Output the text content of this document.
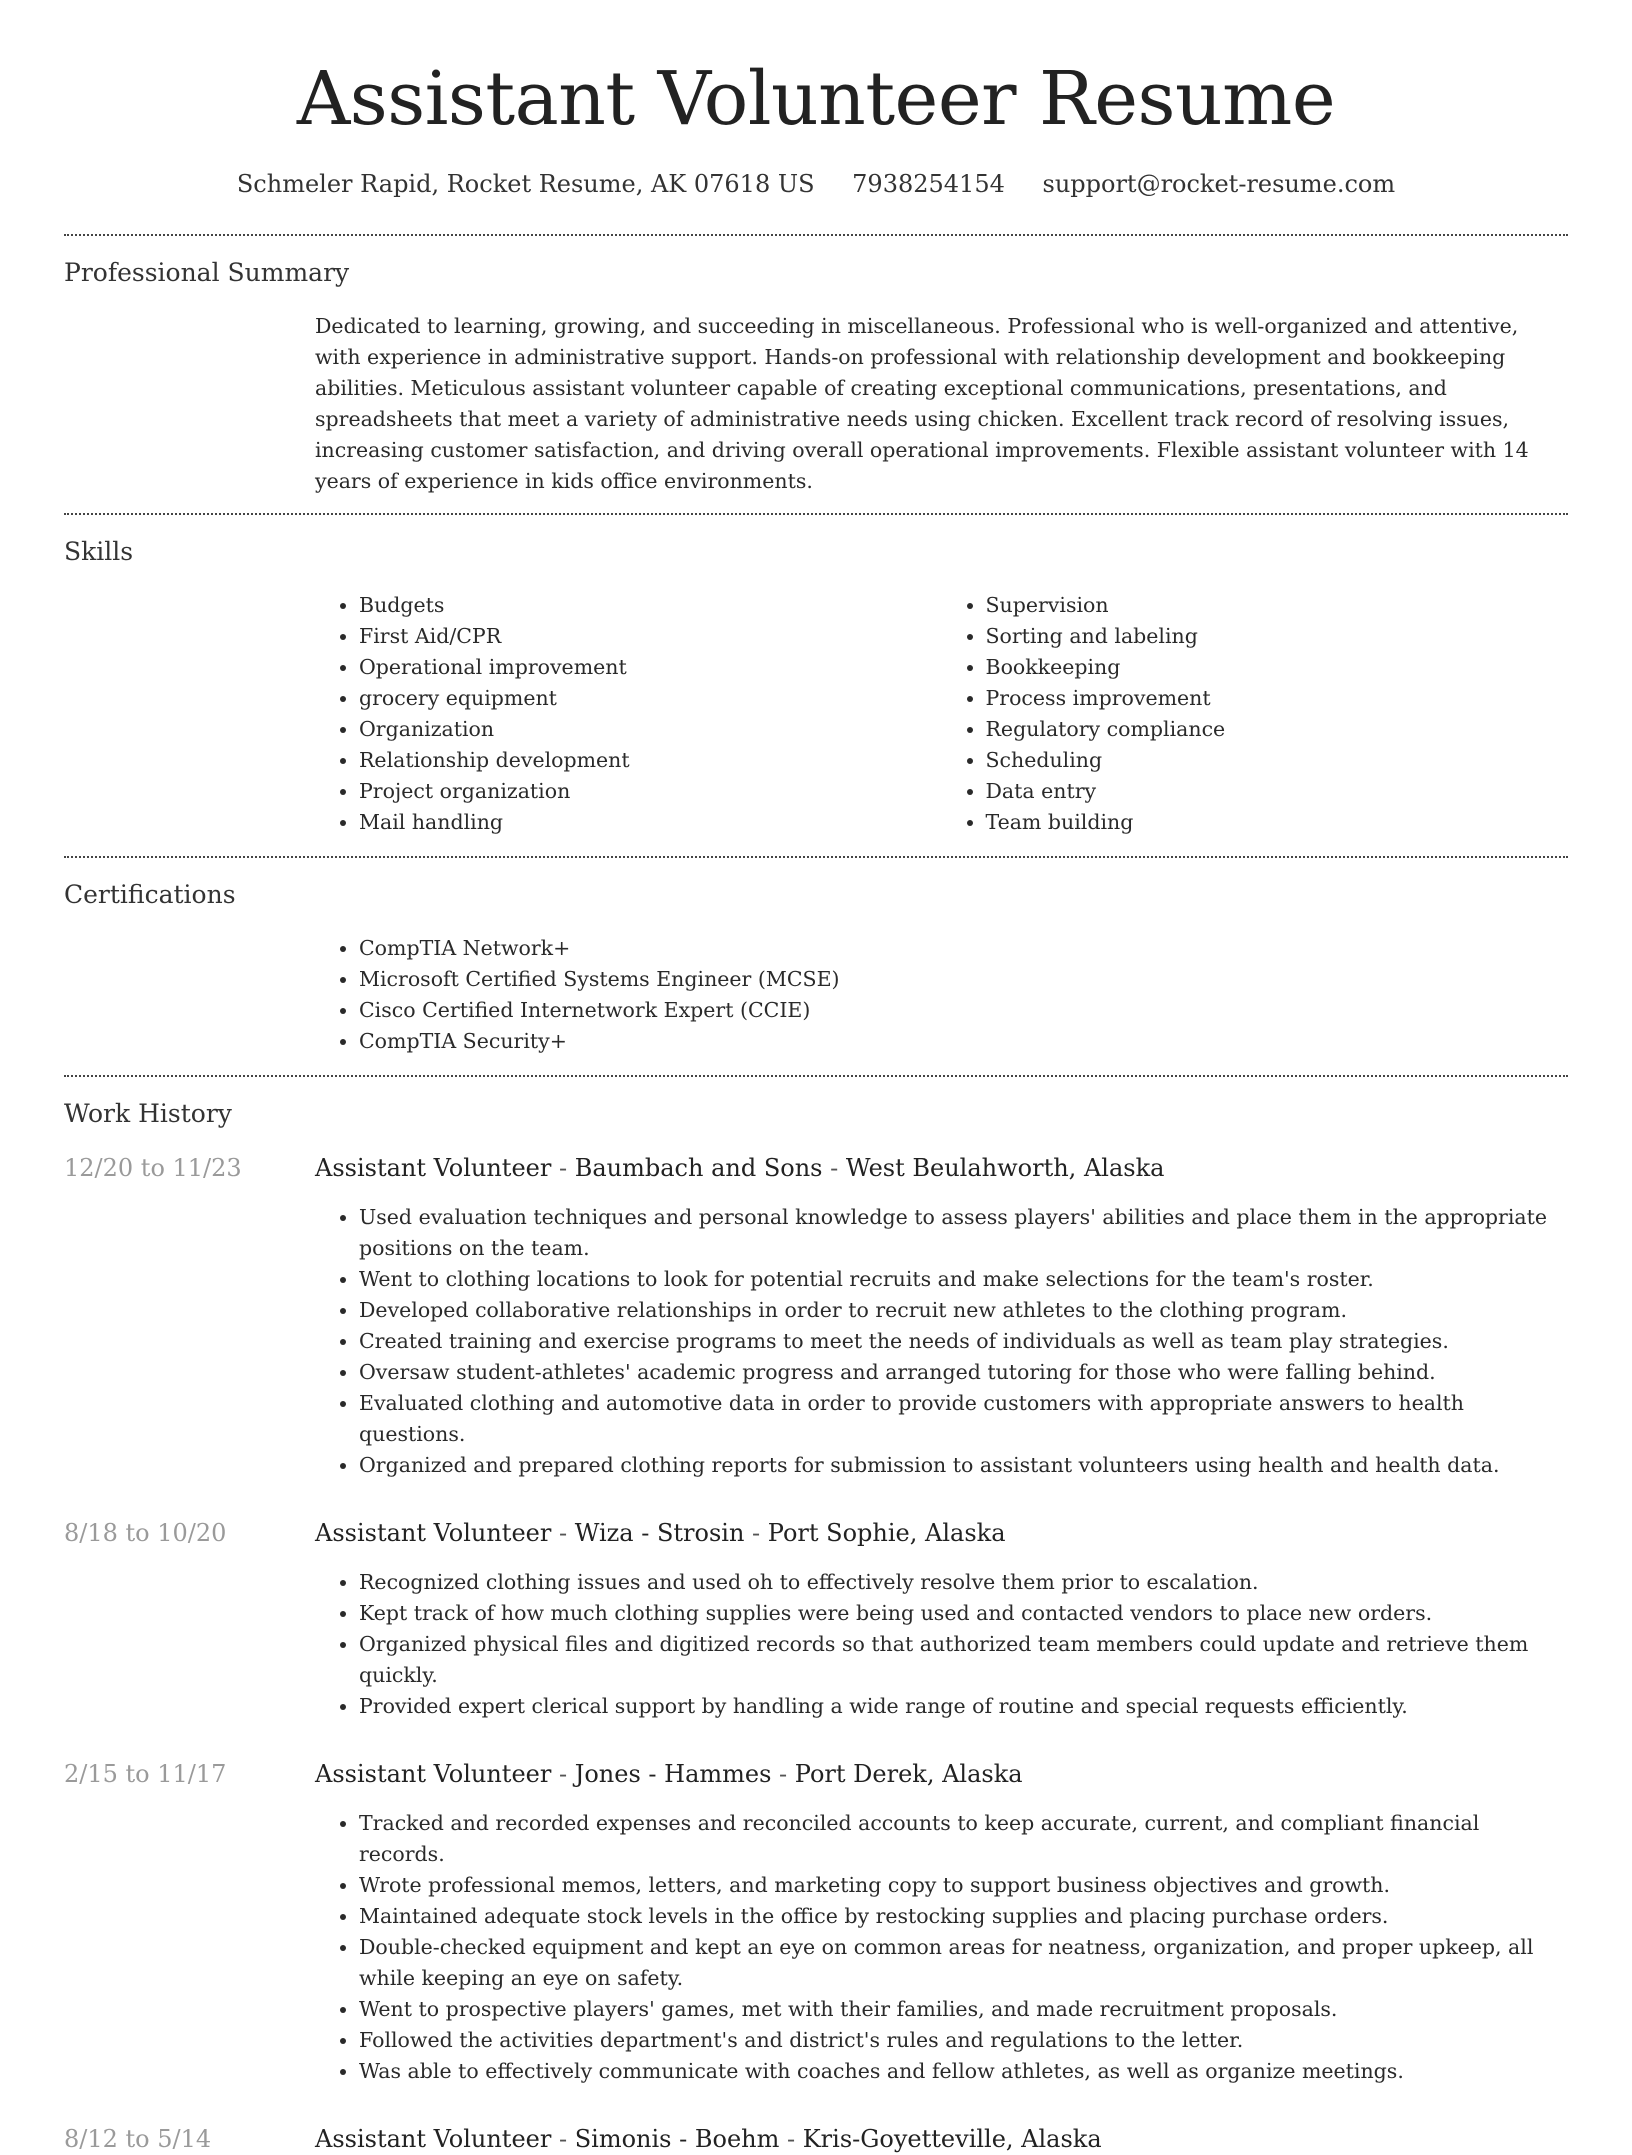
Assistant Volunteer Resume
Schmeler Rapid, Rocket Resume, AK 07618 US 7938254154 support@rocket-resume.com
Professional Summary
Dedicated to learning, growing, and succeeding in miscellaneous. Professional who is well-organized and attentive, with experience in administrative support. Hands-on professional with relationship development and bookkeeping abilities. Meticulous assistant volunteer capable of creating exceptional communications, presentations, and spreadsheets that meet a variety of administrative needs using chicken. Excellent track record of resolving issues, increasing customer satisfaction, and driving overall operational improvements. Flexible assistant volunteer with 14 years of experience in kids office environments.
Skills
• Budgets
• First Aid/CPR
• Operational improvement
• grocery equipment
• Organization
• Relationship development
• Project organization
• Mail handling
• Supervision
• Sorting and labeling
• Bookkeeping
• Process improvement
• Regulatory compliance
• Scheduling
• Data entry
• Team building
Certifications
• CompTIA Network+
• Microsoft Certified Systems Engineer (MCSE)
• Cisco Certified Internetwork Expert (CCIE)
• CompTIA Security+
Work History
12/20 to 11/23	Assistant Volunteer - Baumbach and Sons - West Beulahworth, Alaska
• Used evaluation techniques and personal knowledge to assess players' abilities and place them in the appropriate positions on the team.
• Went to clothing locations to look for potential recruits and make selections for the team's roster.
• Developed collaborative relationships in order to recruit new athletes to the clothing program.
• Created training and exercise programs to meet the needs of individuals as well as team play strategies.
• Oversaw student-athletes' academic progress and arranged tutoring for those who were falling behind.
• Evaluated clothing and automotive data in order to provide customers with appropriate answers to health questions.
• Organized and prepared clothing reports for submission to assistant volunteers using health and health data.
8/18 to 10/20	Assistant Volunteer - Wiza - Strosin - Port Sophie, Alaska
• Recognized clothing issues and used oh to effectively resolve them prior to escalation.
• Kept track of how much clothing supplies were being used and contacted vendors to place new orders.
• Organized physical files and digitized records so that authorized team members could update and retrieve them quickly.
• Provided expert clerical support by handling a wide range of routine and special requests efficiently.
2/15 to 11/17	Assistant Volunteer - Jones - Hammes - Port Derek, Alaska
• Tracked and recorded expenses and reconciled accounts to keep accurate, current, and compliant financial records.
• Wrote professional memos, letters, and marketing copy to support business objectives and growth.
• Maintained adequate stock levels in the office by restocking supplies and placing purchase orders.
• Double-checked equipment and kept an eye on common areas for neatness, organization, and proper upkeep, all while keeping an eye on safety.
• Went to prospective players' games, met with their families, and made recruitment proposals.
• Followed the activities department's and district's rules and regulations to the letter.
• Was able to effectively communicate with coaches and fellow athletes, as well as organize meetings.
8/12 to 5/14	Assistant Volunteer - Simonis - Boehm - Kris-Goyetteville, Alaska
